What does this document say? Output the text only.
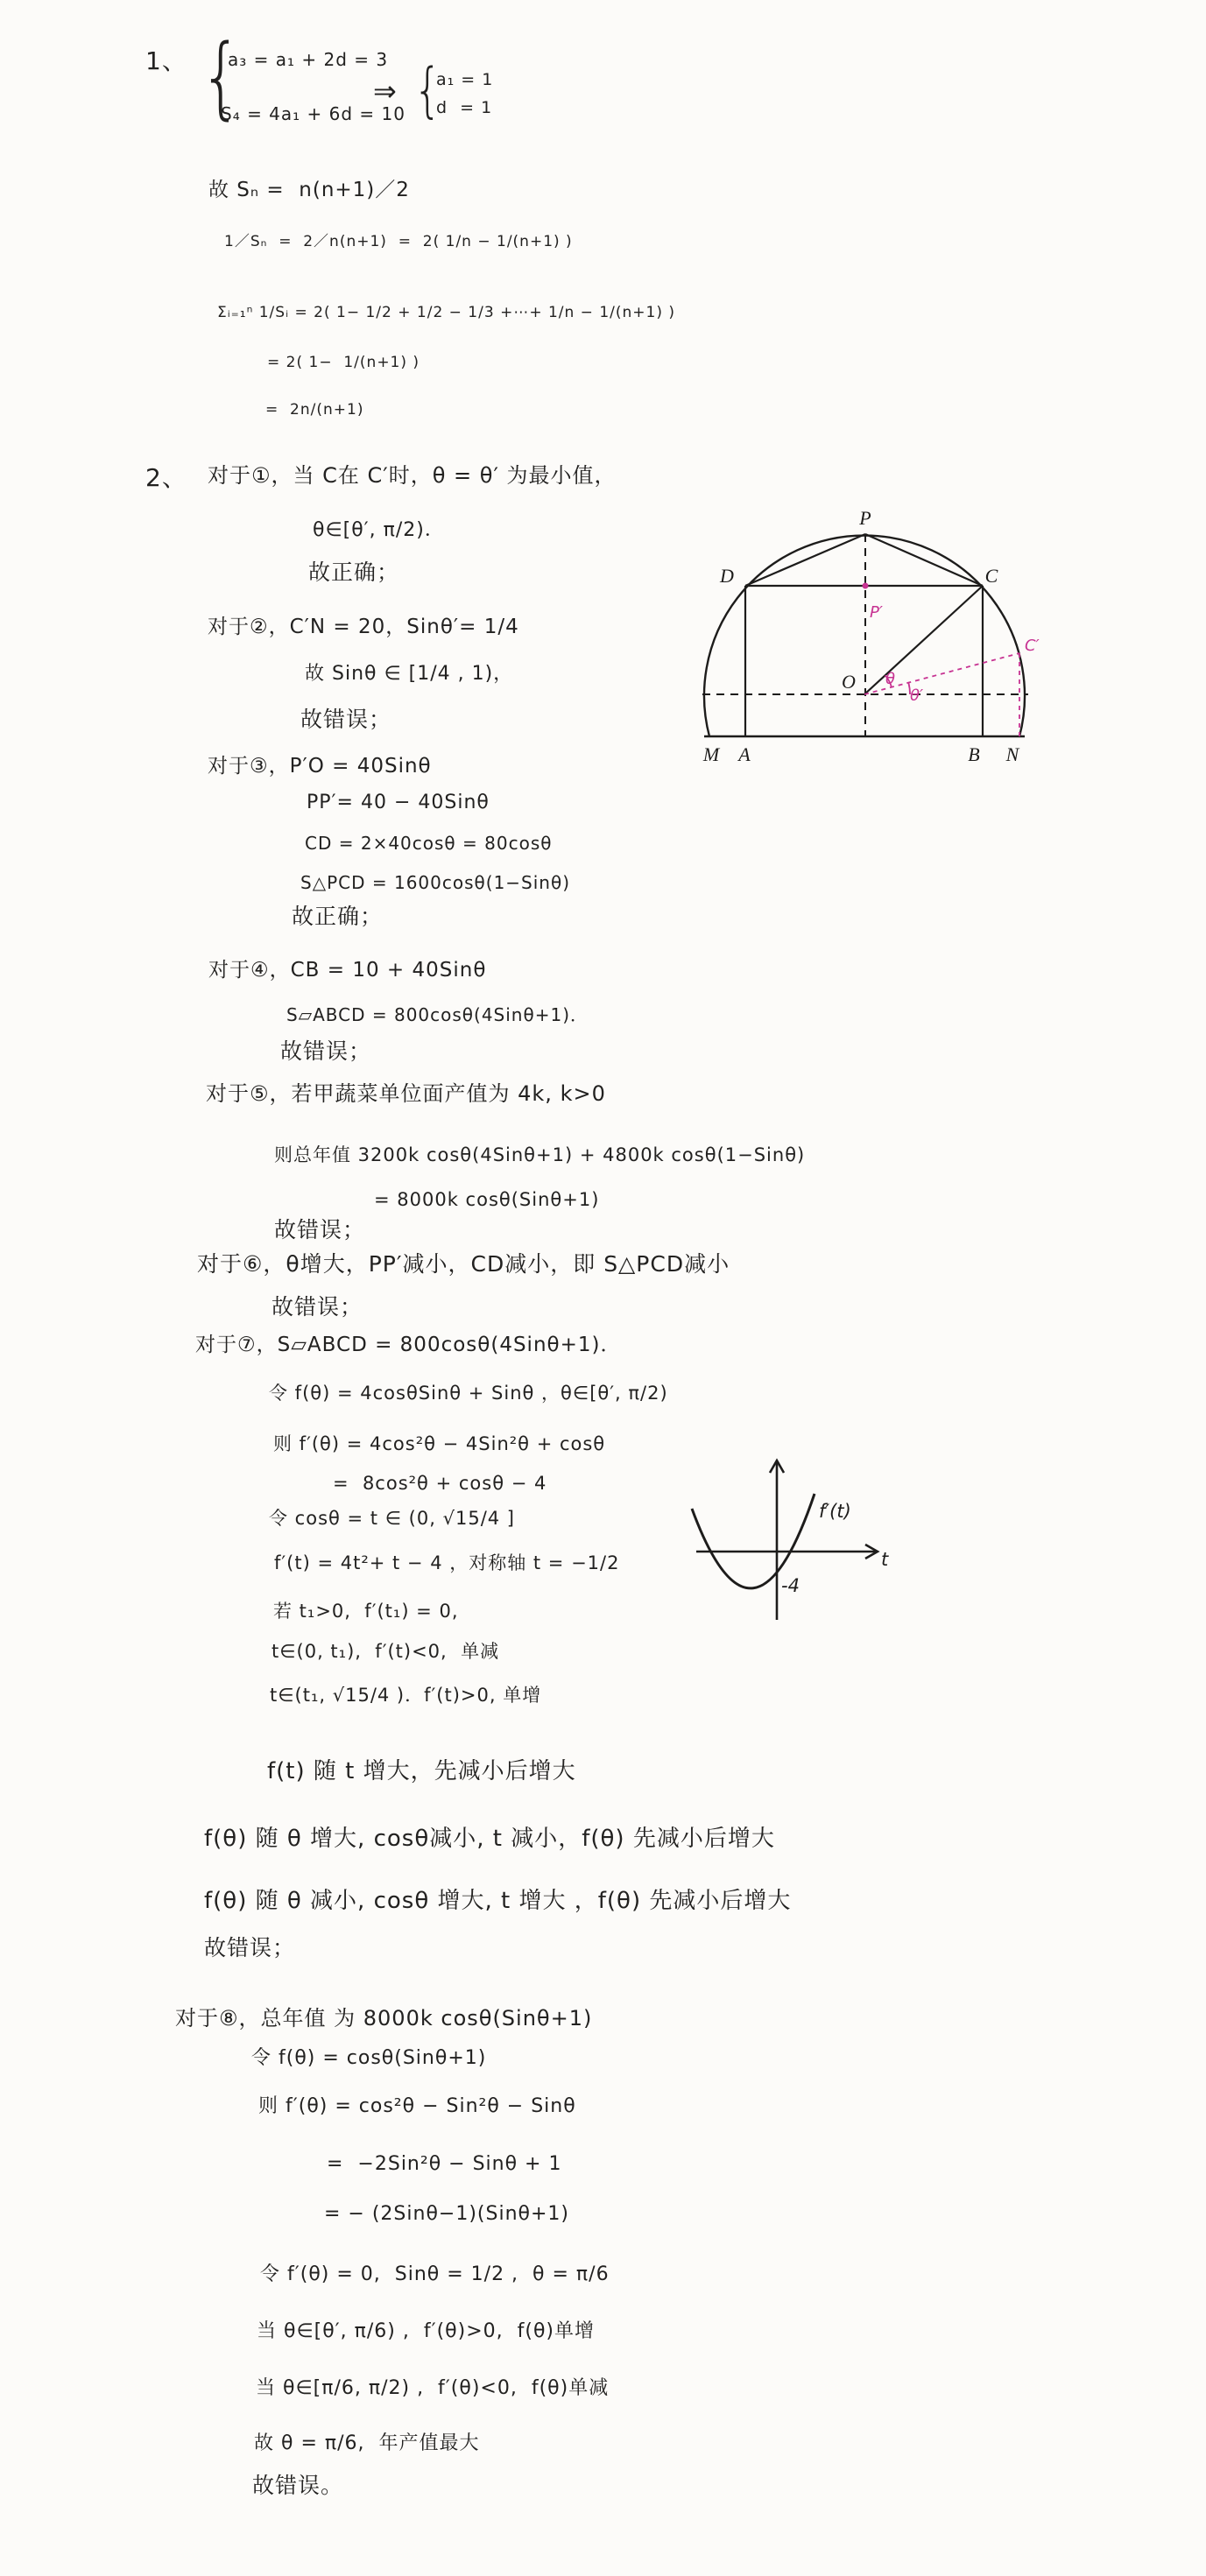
1、 {
a₃ = a₁ + 2d = 3
S₄ = 4a₁ + 6d = 10
⇒ {
a₁ = 1
d  = 1
故 Sₙ =  n(n+1)／2
1／Sₙ  =  2／n(n+1)  =  2( 1/n − 1/(n+1) )
Σᵢ₌₁ⁿ 1/Sᵢ = 2( 1− 1/2 + 1/2 − 1/3 +⋯+ 1/n − 1/(n+1) )
= 2( 1−  1/(n+1) )
=  2n/(n+1)
2、 对于①，当 C在 C′时，θ = θ′ 为最小值，
θ∈[θ′, π/2)．
故正确；
对于②，C′N = 20，Sinθ′= 1/4
故 Sinθ ∈ [1/4 , 1)，
故错误；
对于③，P′O = 40Sinθ
PP′= 40 − 40Sinθ
CD = 2×40cosθ = 80cosθ
S△PCD = 1600cosθ(1−Sinθ)
故正确；
对于④，CB = 10 + 40Sinθ
S▱ABCD = 800cosθ(4Sinθ+1)．
故错误；
对于⑤，若甲蔬菜单位面产值为 4k, k>0
则总年值 3200k cosθ(4Sinθ+1) + 4800k cosθ(1−Sinθ)
= 8000k cosθ(Sinθ+1)
故错误；
对于⑥，θ增大，PP′减小，CD减小，即 S△PCD减小
故错误；
对于⑦，S▱ABCD = 800cosθ(4Sinθ+1)．
令 f(θ) = 4cosθSinθ + Sinθ ，θ∈[θ′, π/2)
则 f′(θ) = 4cos²θ − 4Sin²θ + cosθ
=  8cos²θ + cosθ − 4
令 cosθ = t ∈ (0, √15/4 ]
f′(t) = 4t²+ t − 4 ，对称轴 t = −1/2
若 t₁>0,  f′(t₁) = 0,
t∈(0, t₁),  f′(t)<0,  单减
t∈(t₁, √15/4 )．f′(t)>0, 单增
f(t) 随 t 增大，先减小后增大
f(θ) 随 θ 增大, cosθ减小, t 减小，f(θ) 先减小后增大
f(θ) 随 θ 减小, cosθ 增大, t 增大 ，f(θ) 先减小后增大
故错误；
对于⑧，总年值 为 8000k cosθ(Sinθ+1)
令 f(θ) = cosθ(Sinθ+1)
则 f′(θ) = cos²θ − Sin²θ − Sinθ
=  −2Sin²θ − Sinθ + 1
= − (2Sinθ−1)(Sinθ+1)
令 f′(θ) = 0,  Sinθ = 1/2 ,  θ = π/6
当 θ∈[θ′, π/6) ,  f′(θ)>0,  f(θ)单增
当 θ∈[π/6, π/2) ,  f′(θ)<0,  f(θ)单减
故 θ = π/6,  年产值最大
故错误。
P
D	C
O
M A	B N
P′
C′
θ
θ′
f′(t)
t
-4
